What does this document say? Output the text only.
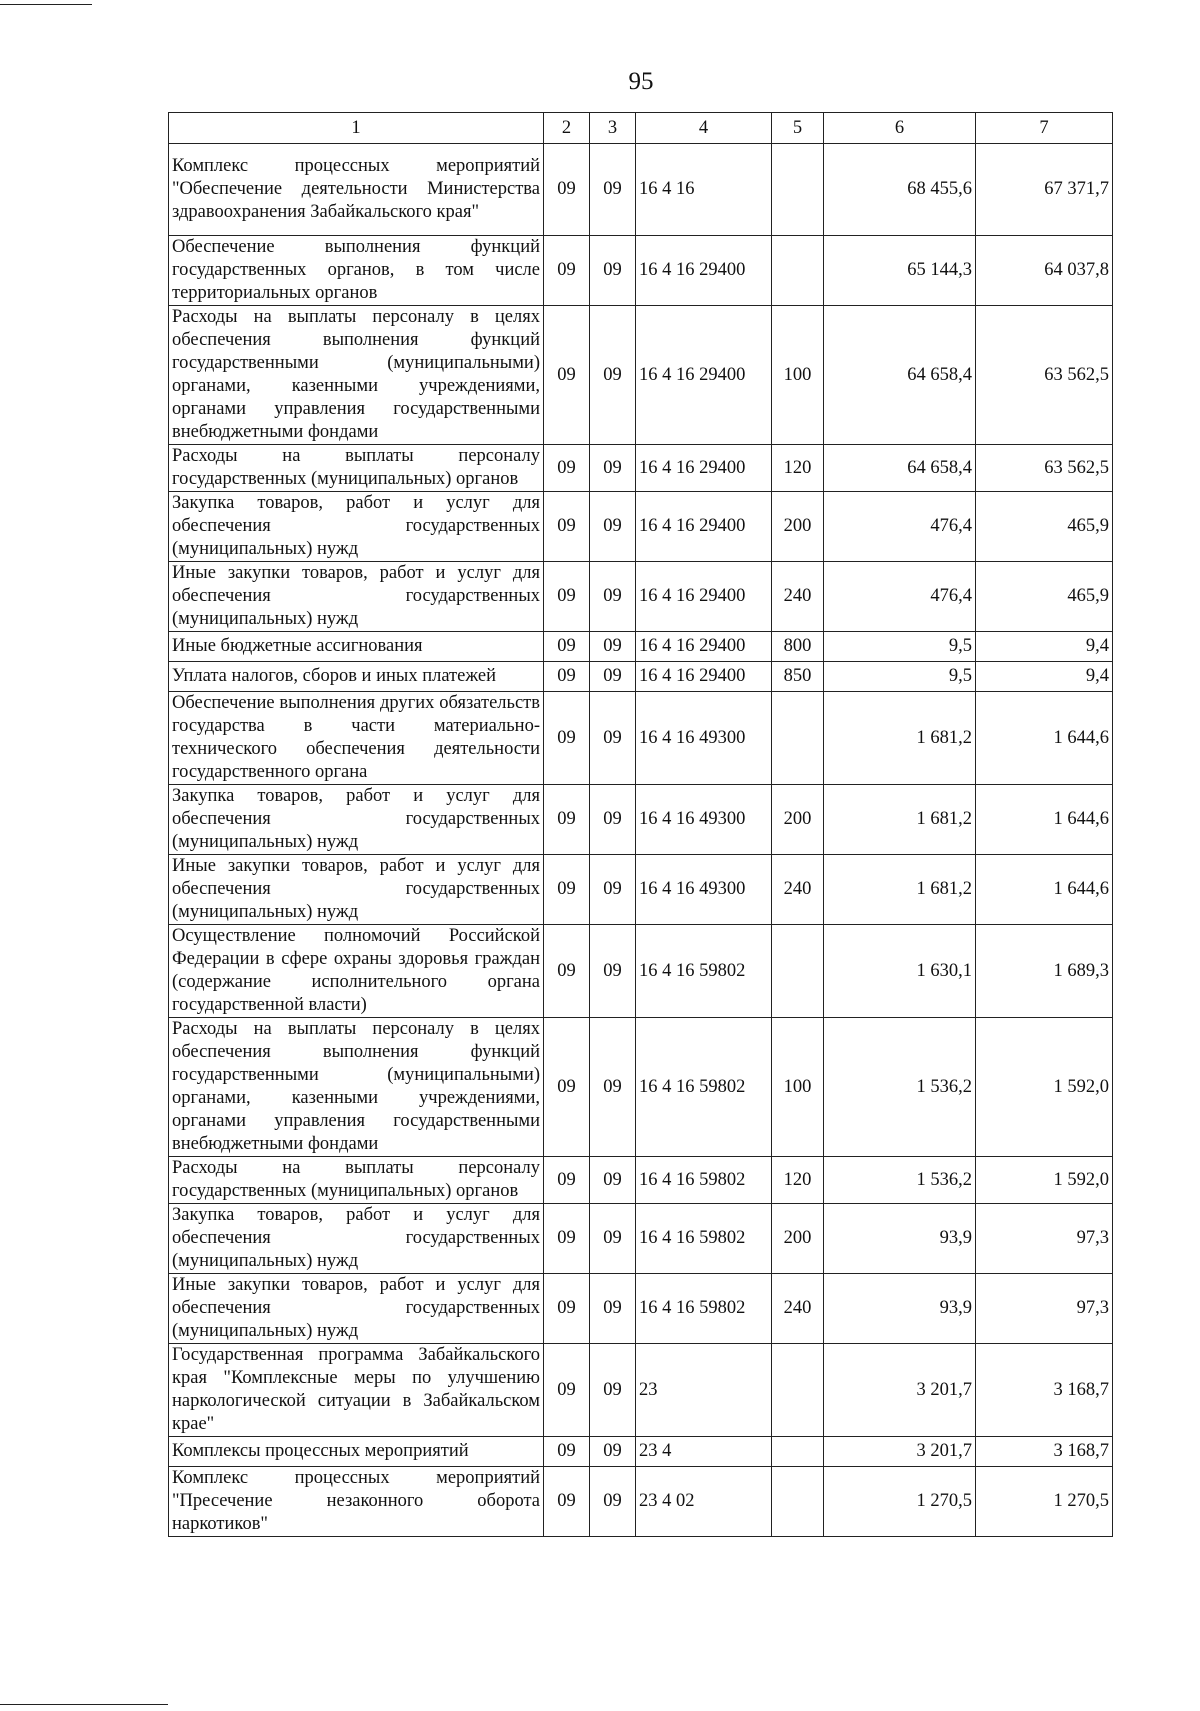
95
1	2	3	4	5	6	7
Комплекс процессных мероприятий "Обеспечение деятельности Министерства здравоохранения Забайкальского края"	09	09	16 4 16		68 455,6	67 371,7
Обеспечение выполнения функций государственных органов, в том числе территориальных органов	09	09	16 4 16 29400		65 144,3	64 037,8
Расходы на выплаты персоналу в целях обеспечения выполнения функций государственными (муниципальными) органами, казенными учреждениями, органами управления государственными внебюджетными фондами	09	09	16 4 16 29400	100	64 658,4	63 562,5
Расходы на выплаты персоналу государственных (муниципальных) органов	09	09	16 4 16 29400	120	64 658,4	63 562,5
Закупка товаров, работ и услуг для обеспечения государственных (муниципальных) нужд	09	09	16 4 16 29400	200	476,4	465,9
Иные закупки товаров, работ и услуг для обеспечения государственных (муниципальных) нужд	09	09	16 4 16 29400	240	476,4	465,9
Иные бюджетные ассигнования	09	09	16 4 16 29400	800	9,5	9,4
Уплата налогов, сборов и иных платежей	09	09	16 4 16 29400	850	9,5	9,4
Обеспечение выполнения других обязательств государства в части материально-технического обеспечения деятельности государственного органа	09	09	16 4 16 49300		1 681,2	1 644,6
Закупка товаров, работ и услуг для обеспечения государственных (муниципальных) нужд	09	09	16 4 16 49300	200	1 681,2	1 644,6
Иные закупки товаров, работ и услуг для обеспечения государственных (муниципальных) нужд	09	09	16 4 16 49300	240	1 681,2	1 644,6
Осуществление полномочий Российской Федерации в сфере охраны здоровья граждан (содержание исполнительного органа государственной власти)	09	09	16 4 16 59802		1 630,1	1 689,3
Расходы на выплаты персоналу в целях обеспечения выполнения функций государственными (муниципальными) органами, казенными учреждениями, органами управления государственными внебюджетными фондами	09	09	16 4 16 59802	100	1 536,2	1 592,0
Расходы на выплаты персоналу государственных (муниципальных) органов	09	09	16 4 16 59802	120	1 536,2	1 592,0
Закупка товаров, работ и услуг для обеспечения государственных (муниципальных) нужд	09	09	16 4 16 59802	200	93,9	97,3
Иные закупки товаров, работ и услуг для обеспечения государственных (муниципальных) нужд	09	09	16 4 16 59802	240	93,9	97,3
Государственная программа Забайкальского края "Комплексные меры по улучшению наркологической ситуации в Забайкальском крае"	09	09	23		3 201,7	3 168,7
Комплексы процессных мероприятий	09	09	23 4		3 201,7	3 168,7
Комплекс процессных мероприятий "Пресечение незаконного оборота наркотиков"	09	09	23 4 02		1 270,5	1 270,5
